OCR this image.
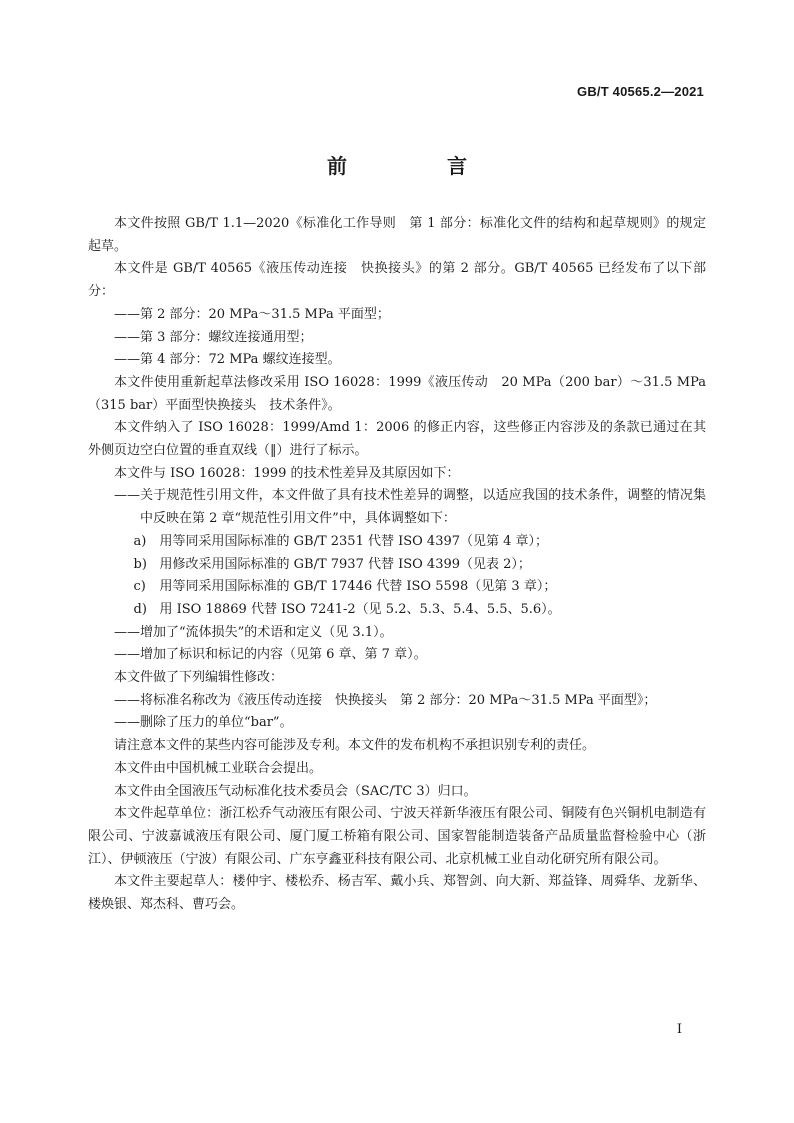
GB/T 40565.2—2021
前　言

本文件按照 GB/T 1.1—2020《标准化工作导则　第 1 部分：标准化文件的结构和起草规则》的规定起草。

本文件是 GB/T 40565《液压传动连接　快换接头》的第 2 部分。GB/T 40565 已经发布了以下部分：

——第 2 部分：20 MPa～31.5 MPa 平面型；

——第 3 部分：螺纹连接通用型；

——第 4 部分：72 MPa 螺纹连接型。

本文件使用重新起草法修改采用 ISO 16028：1999《液压传动　20 MPa（200 bar）～31.5 MPa（315 bar）平面型快换接头　技术条件》。

本文件纳入了 ISO 16028：1999/Amd 1：2006 的修正内容，这些修正内容涉及的条款已通过在其外侧页边空白位置的垂直双线（‖）进行了标示。

本文件与 ISO 16028：1999 的技术性差异及其原因如下：

——关于规范性引用文件，本文件做了具有技术性差异的调整，以适应我国的技术条件，调整的情况集中反映在第 2 章“规范性引用文件”中，具体调整如下：

a) 用等同采用国际标准的 GB/T 2351 代替 ISO 4397（见第 4 章）；

b) 用修改采用国际标准的 GB/T 7937 代替 ISO 4399（见表 2）；

c) 用等同采用国际标准的 GB/T 17446 代替 ISO 5598（见第 3 章）；

d) 用 ISO 18869 代替 ISO 7241-2（见 5.2、5.3、5.4、5.5、5.6）。

——增加了“流体损失”的术语和定义（见 3.1）。

——增加了标识和标记的内容（见第 6 章、第 7 章）。

本文件做了下列编辑性修改：

——将标准名称改为《液压传动连接　快换接头　第 2 部分：20 MPa～31.5 MPa 平面型》；

——删除了压力的单位“bar”。

请注意本文件的某些内容可能涉及专利。本文件的发布机构不承担识别专利的责任。

本文件由中国机械工业联合会提出。

本文件由全国液压气动标准化技术委员会（SAC/TC 3）归口。

本文件起草单位：浙江松乔气动液压有限公司、宁波天祥新华液压有限公司、铜陵有色兴铜机电制造有限公司、宁波嘉诚液压有限公司、厦门厦工桥箱有限公司、国家智能制造装备产品质量监督检验中心（浙江）、伊顿液压（宁波）有限公司、广东亨鑫亚科技有限公司、北京机械工业自动化研究所有限公司。

本文件主要起草人：楼仲宇、楼松乔、杨吉军、戴小兵、郑智剑、向大新、郑益锋、周舜华、龙新华、楼焕银、郑杰科、曹巧会。

I
